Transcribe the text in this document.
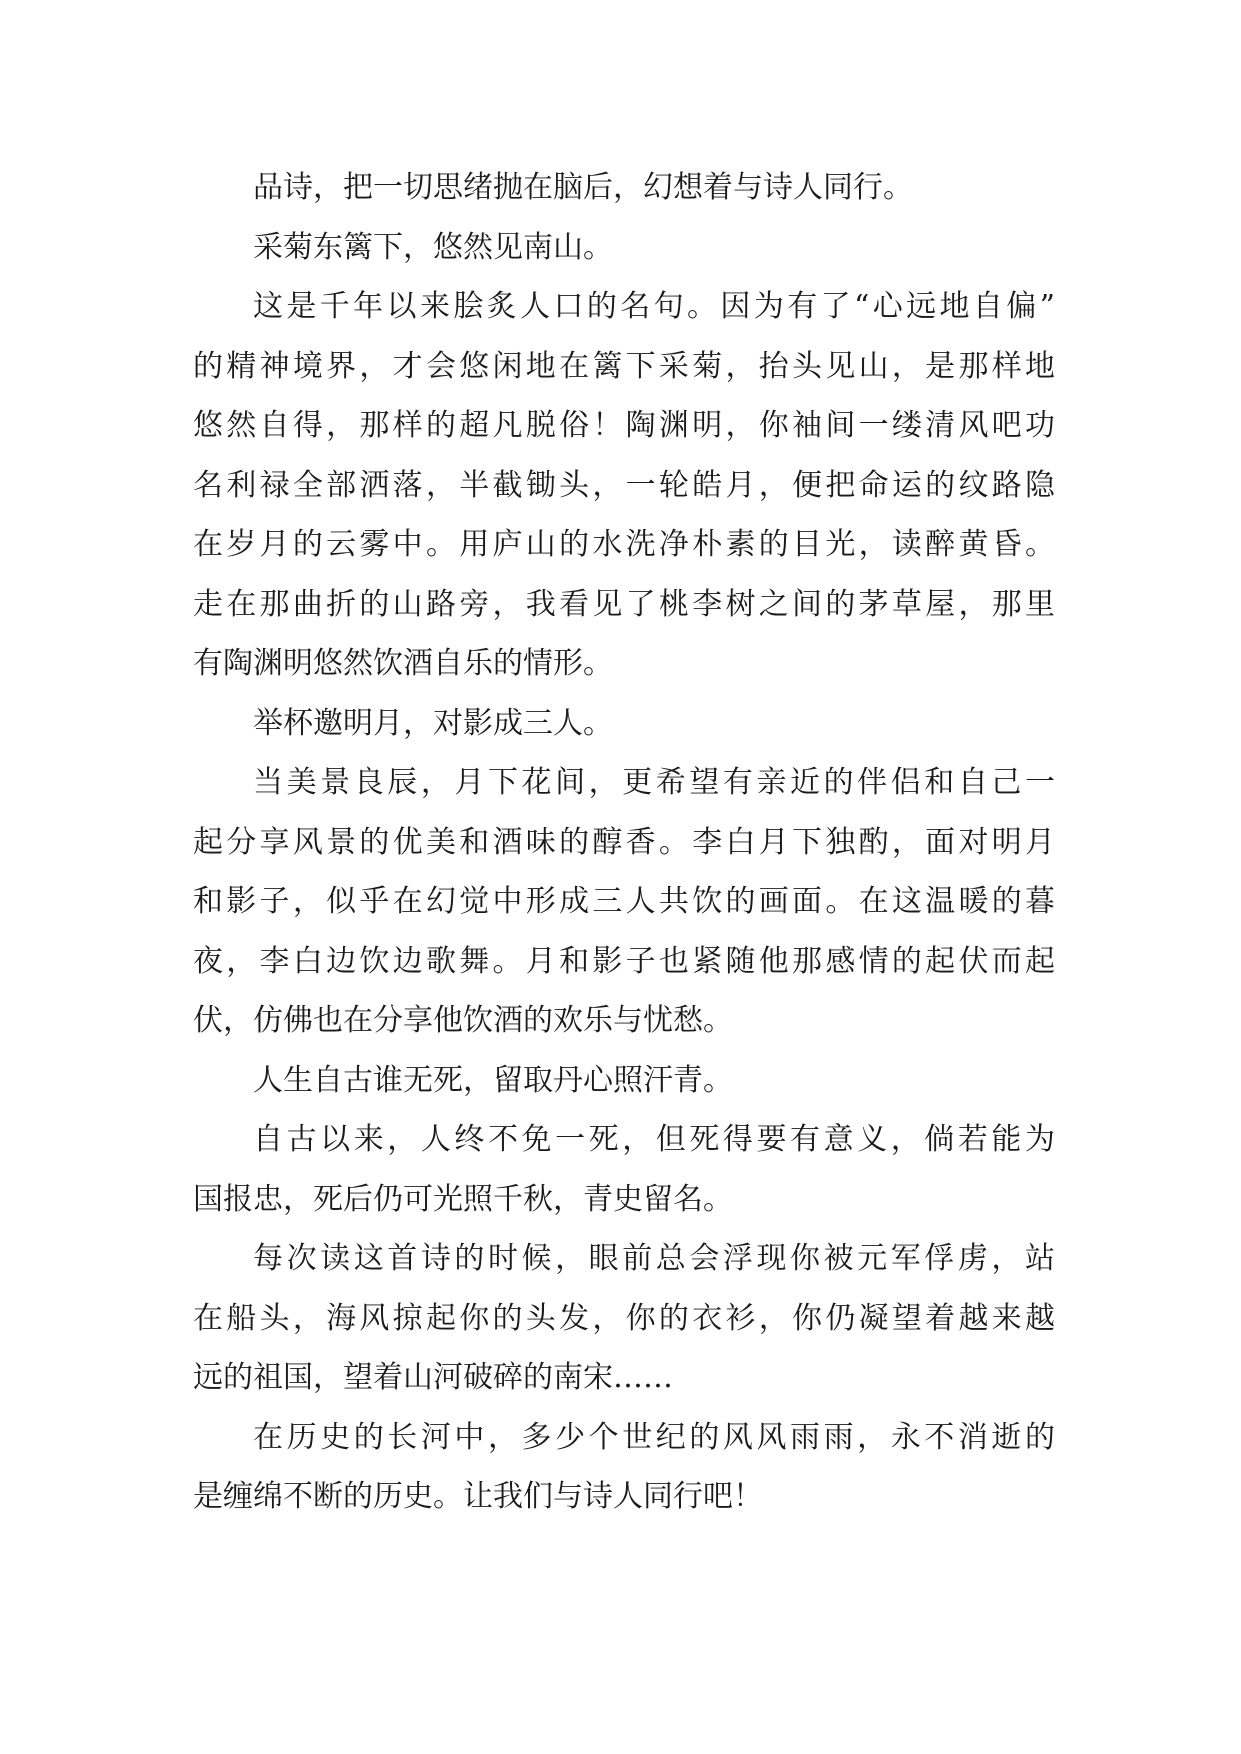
品诗，把一切思绪抛在脑后，幻想着与诗人同行。

采菊东篱下，悠然见南山。

这是千年以来脍炙人口的名句。因为有了“心远地自偏”
的精神境界，才会悠闲地在篱下采菊，抬头见山，是那样地
悠然自得，那样的超凡脱俗！陶渊明，你袖间一缕清风吧功
名利禄全部洒落，半截锄头，一轮皓月，便把命运的纹路隐
在岁月的云雾中。用庐山的水洗净朴素的目光，读醉黄昏。
走在那曲折的山路旁，我看见了桃李树之间的茅草屋，那里
有陶渊明悠然饮酒自乐的情形。

举杯邀明月，对影成三人。

当美景良辰，月下花间，更希望有亲近的伴侣和自己一
起分享风景的优美和酒味的醇香。李白月下独酌，面对明月
和影子，似乎在幻觉中形成三人共饮的画面。在这温暖的暮
夜，李白边饮边歌舞。月和影子也紧随他那感情的起伏而起
伏，仿佛也在分享他饮酒的欢乐与忧愁。

人生自古谁无死，留取丹心照汗青。

自古以来，人终不免一死，但死得要有意义，倘若能为
国报忠，死后仍可光照千秋，青史留名。

每次读这首诗的时候，眼前总会浮现你被元军俘虏，站
在船头，海风掠起你的头发，你的衣衫，你仍凝望着越来越
远的祖国，望着山河破碎的南宋……

在历史的长河中，多少个世纪的风风雨雨，永不消逝的
是缠绵不断的历史。让我们与诗人同行吧！
